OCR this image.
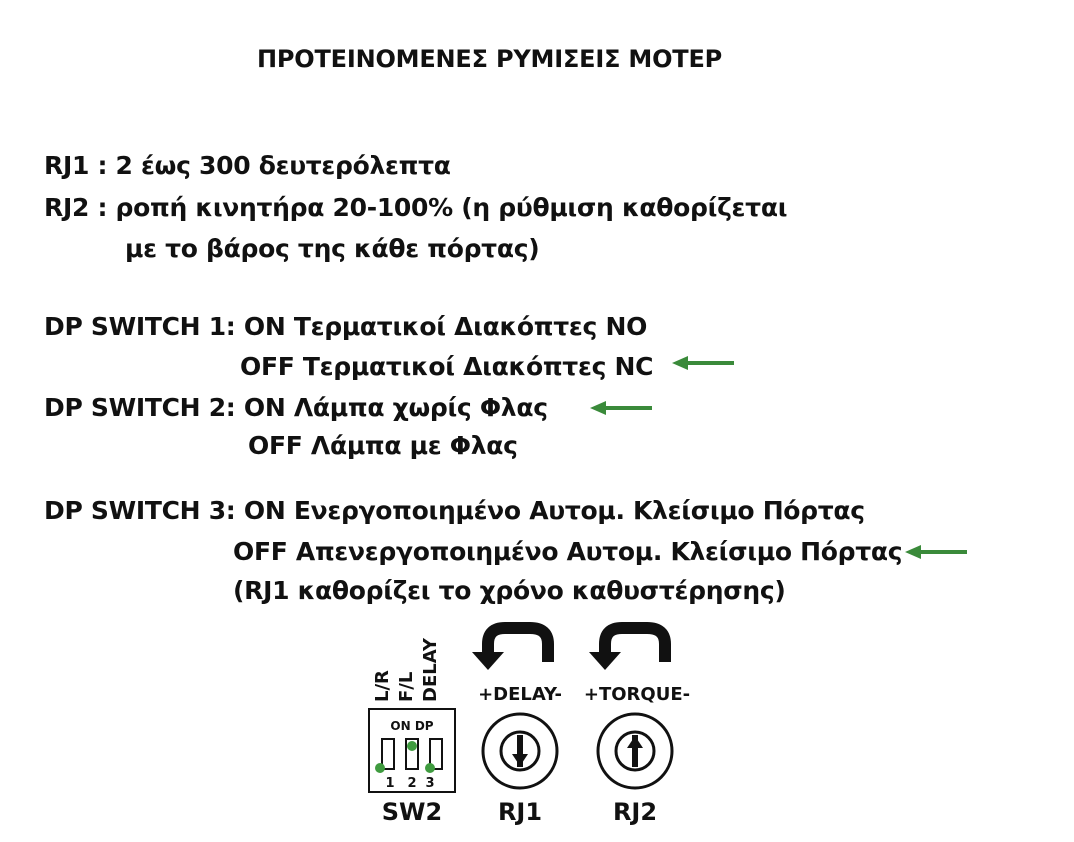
ΠΡΟΤΕΙΝΟΜΕΝΕΣ ΡΥΜΙΣΕΙΣ ΜΟΤΕΡ
RJ1 : 2 έως 300 δευτερόλεπτα
RJ2 : ροπή κινητήρα 20-100% (η ρύθμιση καθορίζεται
με το βάρος της κάθε πόρτας)
DP SWITCH 1: ON Τερματικοί Διακόπτες NO
OFF Τερματικοί Διακόπτες NC
DP SWITCH 2: ON Λάμπα χωρίς Φλας
OFF Λάμπα με Φλας
DP SWITCH 3: ON Ενεργοποιημένο Αυτομ. Κλείσιμο Πόρτας
OFF Απενεργοποιημένο Αυτομ. Κλείσιμο Πόρτας
(RJ1 καθορίζει το χρόνο καθυστέρησης)
L/R F/L DELAY
ON DP
1 2 3
SW2
+DELAY- +TORQUE-
RJ1	RJ2
